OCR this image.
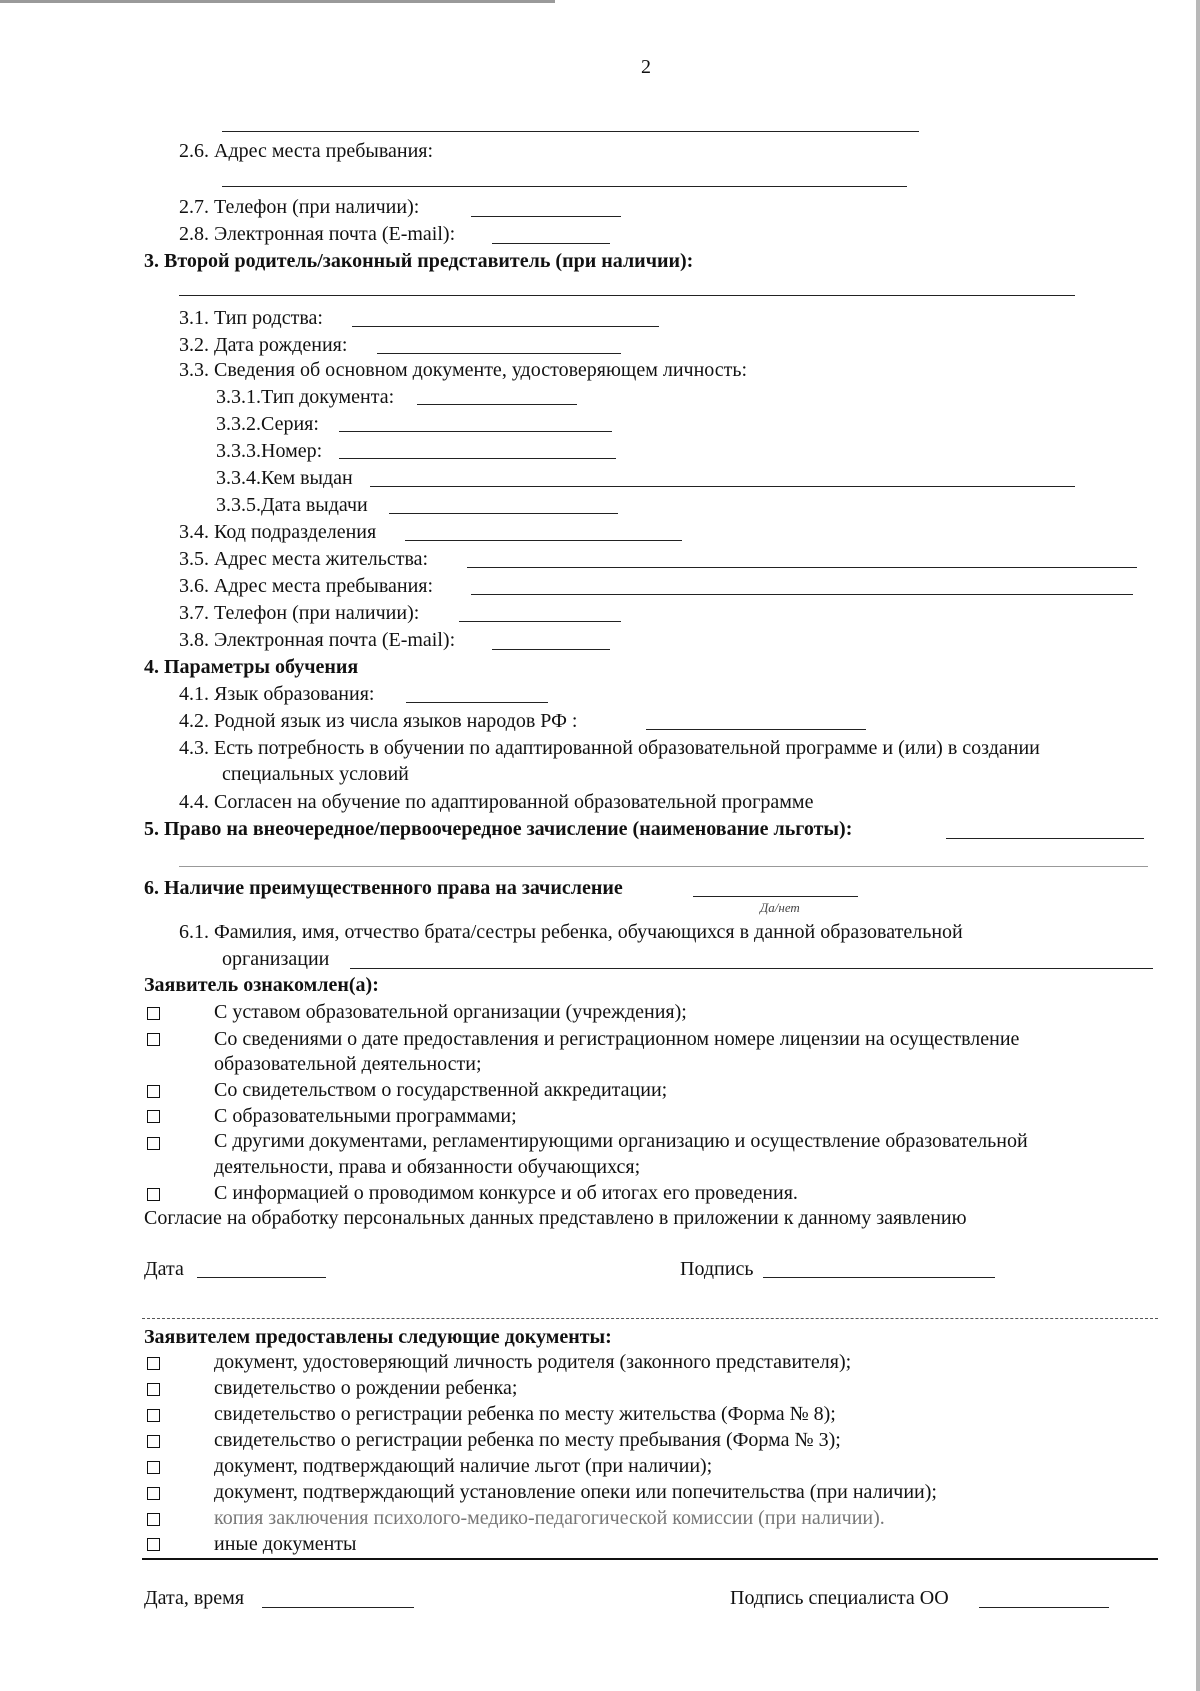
2
2.6. Адрес места пребывания:
2.7. Телефон (при наличии):
2.8. Электронная почта (E-mail):
3. Второй родитель/законный представитель (при наличии):
3.1. Тип родства:
3.2. Дата рождения:
3.3. Сведения об основном документе, удостоверяющем личность:
3.3.1.Тип документа:
3.3.2.Серия:
3.3.3.Номер:
3.3.4.Кем выдан
3.3.5.Дата выдачи
3.4. Код подразделения
3.5. Адрес места жительства:
3.6. Адрес места пребывания:
3.7. Телефон (при наличии):
3.8. Электронная почта (E-mail):
4. Параметры обучения
4.1. Язык образования:
4.2. Родной язык из числа языков народов РФ :
4.3. Есть потребность в обучении по адаптированной образовательной программе и (или) в создании
специальных условий
4.4. Согласен на обучение по адаптированной образовательной программе
5. Право на внеочередное/первоочередное зачисление (наименование льготы):
6. Наличие преимущественного права на зачисление
Да/нет
6.1. Фамилия, имя, отчество брата/сестры ребенка, обучающихся в данной образовательной
организации
Заявитель ознакомлен(а):
С уставом образовательной организации (учреждения);
Со сведениями о дате предоставления и регистрационном номере лицензии на осуществление
образовательной деятельности;
Со свидетельством о государственной аккредитации;
С образовательными программами;
С другими документами, регламентирующими организацию и осуществление образовательной
деятельности, права и обязанности обучающихся;
С информацией о проводимом конкурсе и об итогах его проведения.
Согласие на обработку персональных данных представлено в приложении к данному заявлению
Дата	Подпись
Заявителем предоставлены следующие документы:
документ, удостоверяющий личность родителя (законного представителя);
свидетельство о рождении ребенка;
свидетельство о регистрации ребенка по месту жительства (Форма № 8);
свидетельство о регистрации ребенка по месту пребывания (Форма № 3);
документ, подтверждающий наличие льгот (при наличии);
документ, подтверждающий установление опеки или попечительства (при наличии);
копия заключения психолого-медико-педагогической комиссии (при наличии).
иные документы
Дата, время	Подпись специалиста ОО
